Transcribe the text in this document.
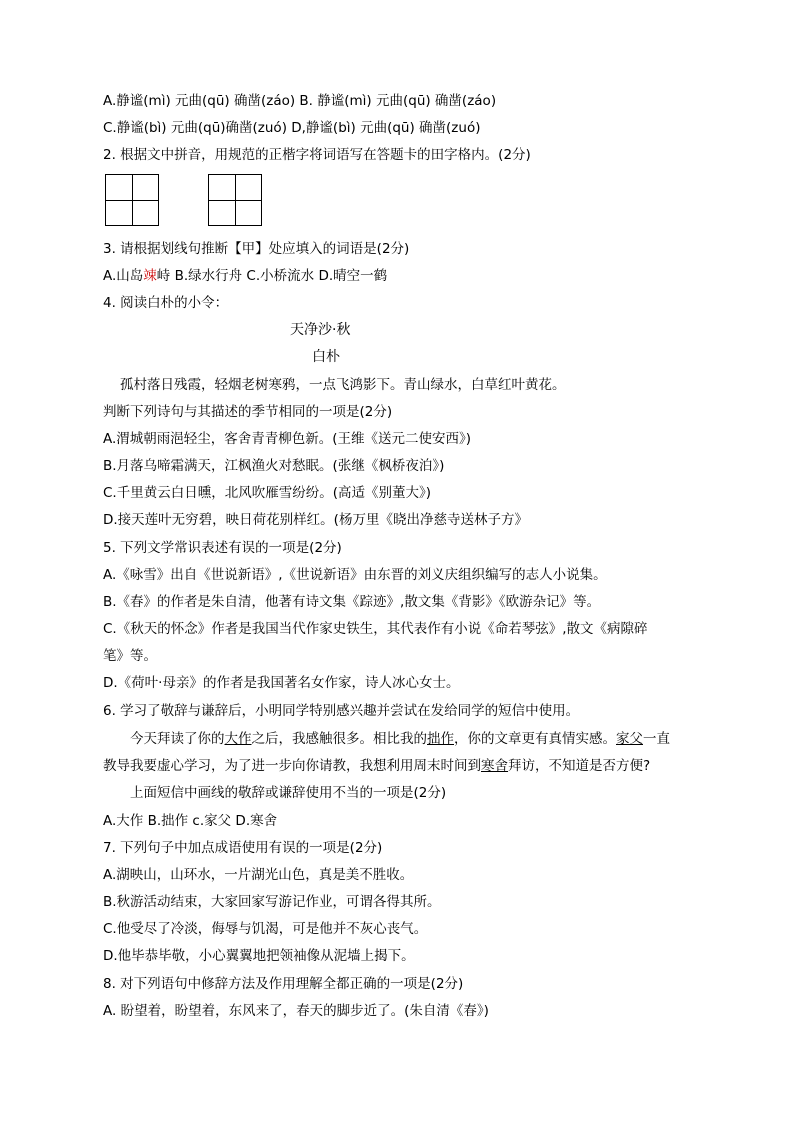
A.静谧(mì) 元曲(qū) 确凿(záo) B. 静谧(mì) 元曲(qū) 确凿(záo)
C.静谧(bì) 元曲(qū)确凿(zuó) D,静谧(bì) 元曲(qū) 确凿(zuó)
2. 根据文中拼音，用规范的正楷字将词语写在答题卡的田字格内。(2分)
3. 请根据划线句推断【甲】处应填入的词语是(2分)
A.山岛竦峙 B.绿水行舟 C.小桥流水 D.晴空一鹤
4. 阅读白朴的小令：
天净沙·秋
白朴
孤村落日残霞，轻烟老树寒鸦，一点飞鸿影下。青山绿水，白草红叶黄花。
判断下列诗句与其描述的季节相同的一项是(2分)
A.渭城朝雨浥轻尘，客舍青青柳色新。(王维《送元二使安西》)
B.月落乌啼霜满天，江枫渔火对愁眠。(张继《枫桥夜泊》)
C.千里黄云白日曛，北风吹雁雪纷纷。(高适《别董大》)
D.接天莲叶无穷碧，映日荷花别样红。(杨万里《晓出净慈寺送林子方》
5. 下列文学常识表述有误的一项是(2分)
A.《咏雪》出自《世说新语》,《世说新语》由东晋的刘义庆组织编写的志人小说集。
B.《春》的作者是朱自清，他著有诗文集《踪迹》,散文集《背影》《欧游杂记》等。
C.《秋天的怀念》作者是我国当代作家史铁生，其代表作有小说《命若琴弦》,散文《病隙碎
笔》等。
D.《荷叶·母亲》的作者是我国著名女作家，诗人冰心女士。
6. 学习了敬辞与谦辞后，小明同学特别感兴趣并尝试在发给同学的短信中使用。
今天拜读了你的大作之后，我感触很多。相比我的拙作，你的文章更有真情实感。家父一直
教导我要虚心学习，为了进一步向你请教，我想利用周末时间到寒舍拜访，不知道是否方便?
上面短信中画线的敬辞或谦辞使用不当的一项是(2分)
A.大作 B.拙作 c.家父 D.寒舍
7. 下列句子中加点成语使用有误的一项是(2分)
A.湖映山，山环水，一片湖光山色，真是美不胜收。
B.秋游活动结束，大家回家写游记作业，可谓各得其所。
C.他受尽了冷淡，侮辱与饥渴，可是他并不灰心丧气。
D.他毕恭毕敬，小心翼翼地把领袖像从泥墙上揭下。
8. 对下列语句中修辞方法及作用理解全都正确的一项是(2分)
A. 盼望着，盼望着，东风来了，春天的脚步近了。(朱自清《春》)
